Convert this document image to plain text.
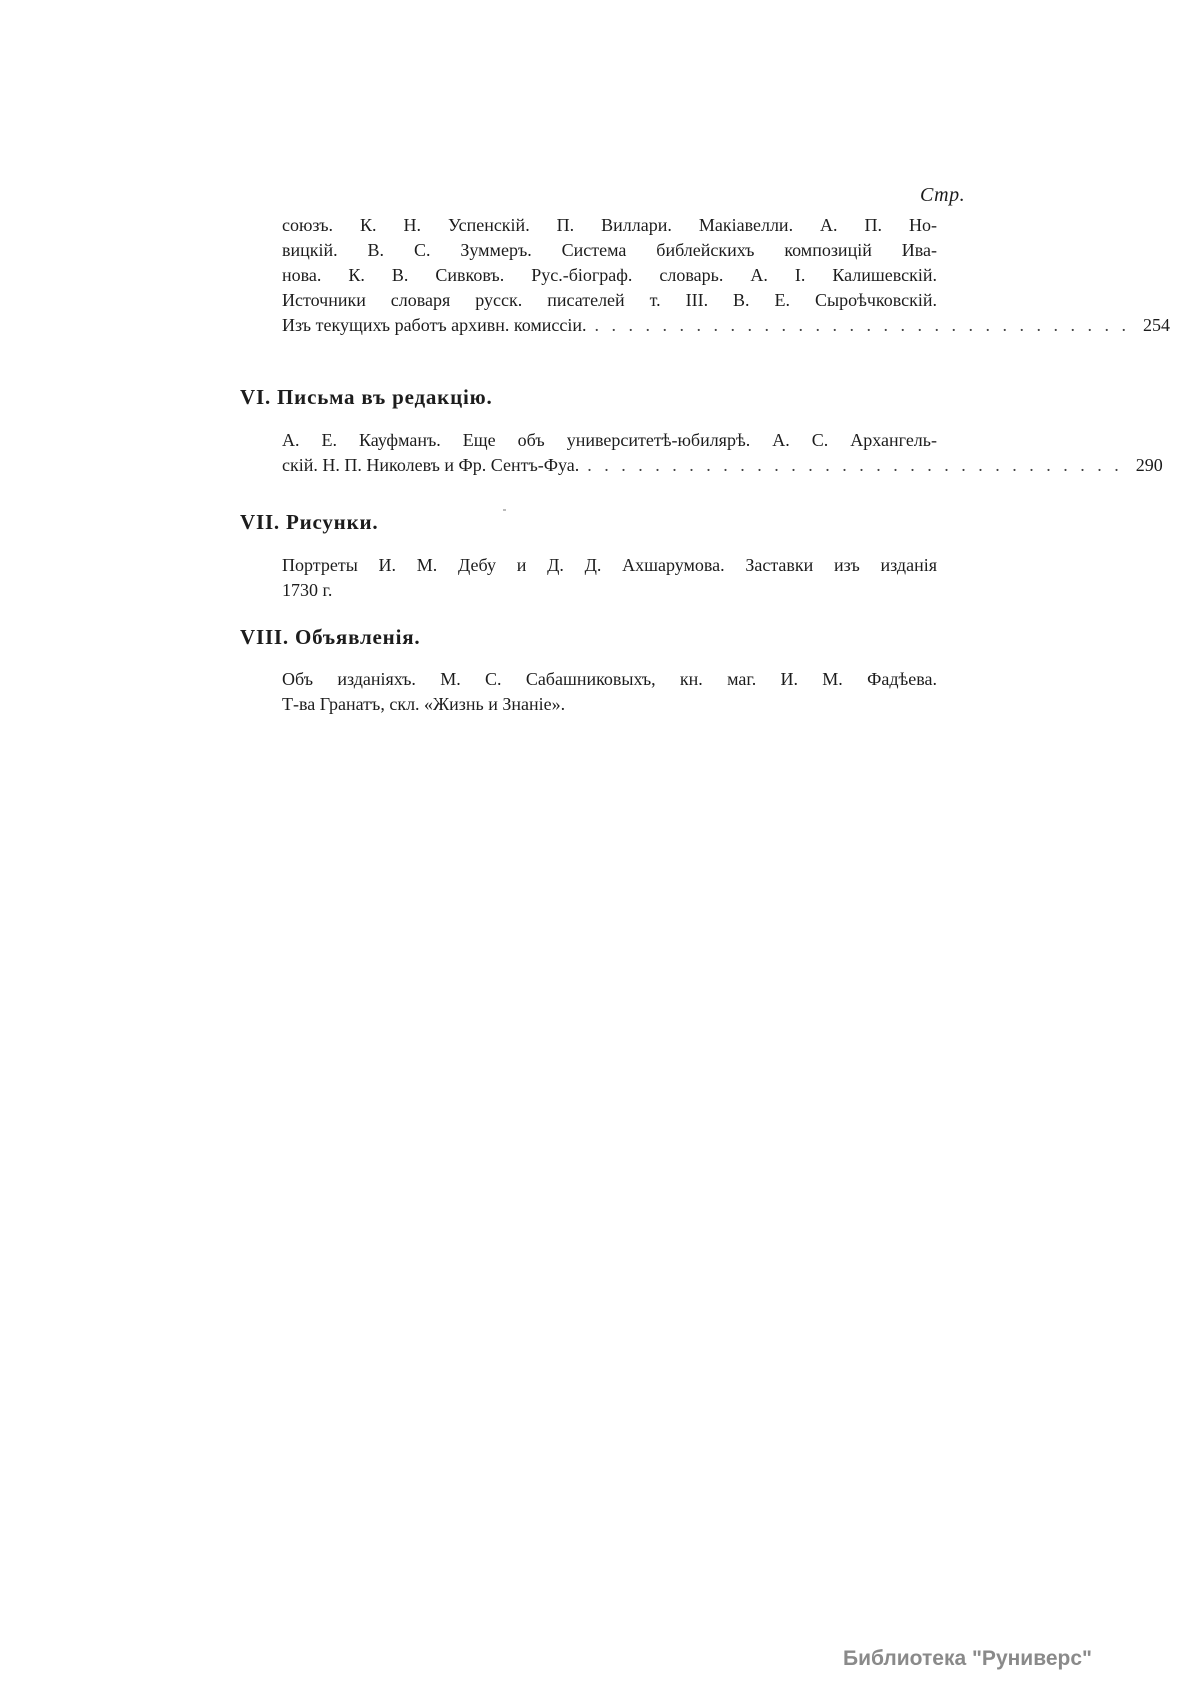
Стр.
союзъ. К. Н. Успенскій. П. Виллари. Макіавелли. А. П. Но-
вицкій. В. С. Зуммеръ. Система библейскихъ композицій Ива-
нова. К. В. Сивковъ. Рус.-біограф. словарь. А. І. Калишевскій.
Источники словаря русск. писателей т. III. В. Е. Сыроѣчковскій.
Изъ текущихъ работъ архивн. комиссіи. . . . . . . . . . . . . . . . . . . . . . . . . . . . . . . . . 254
VI. Письма въ редакцію.
А. Е. Кауфманъ. Еще объ университетѣ-юбилярѣ. А. С. Архангель-
скій. Н. П. Николевъ и Фр. Сентъ-Фуа. . . . . . . . . . . . . . . . . . . . . . . . . . . . . . . . . 290
VII. Рисунки.
Портреты И. М. Дебу и Д. Д. Ахшарумова. Заставки изъ изданія
1730 г.
VIII. Объявленія.
Объ изданіяхъ. М. С. Сабашниковыхъ, кн. маг. И. М. Фадѣева.
Т-ва Гранатъ, скл. «Жизнь и Знаніе».
Библиотека "Руниверс"
